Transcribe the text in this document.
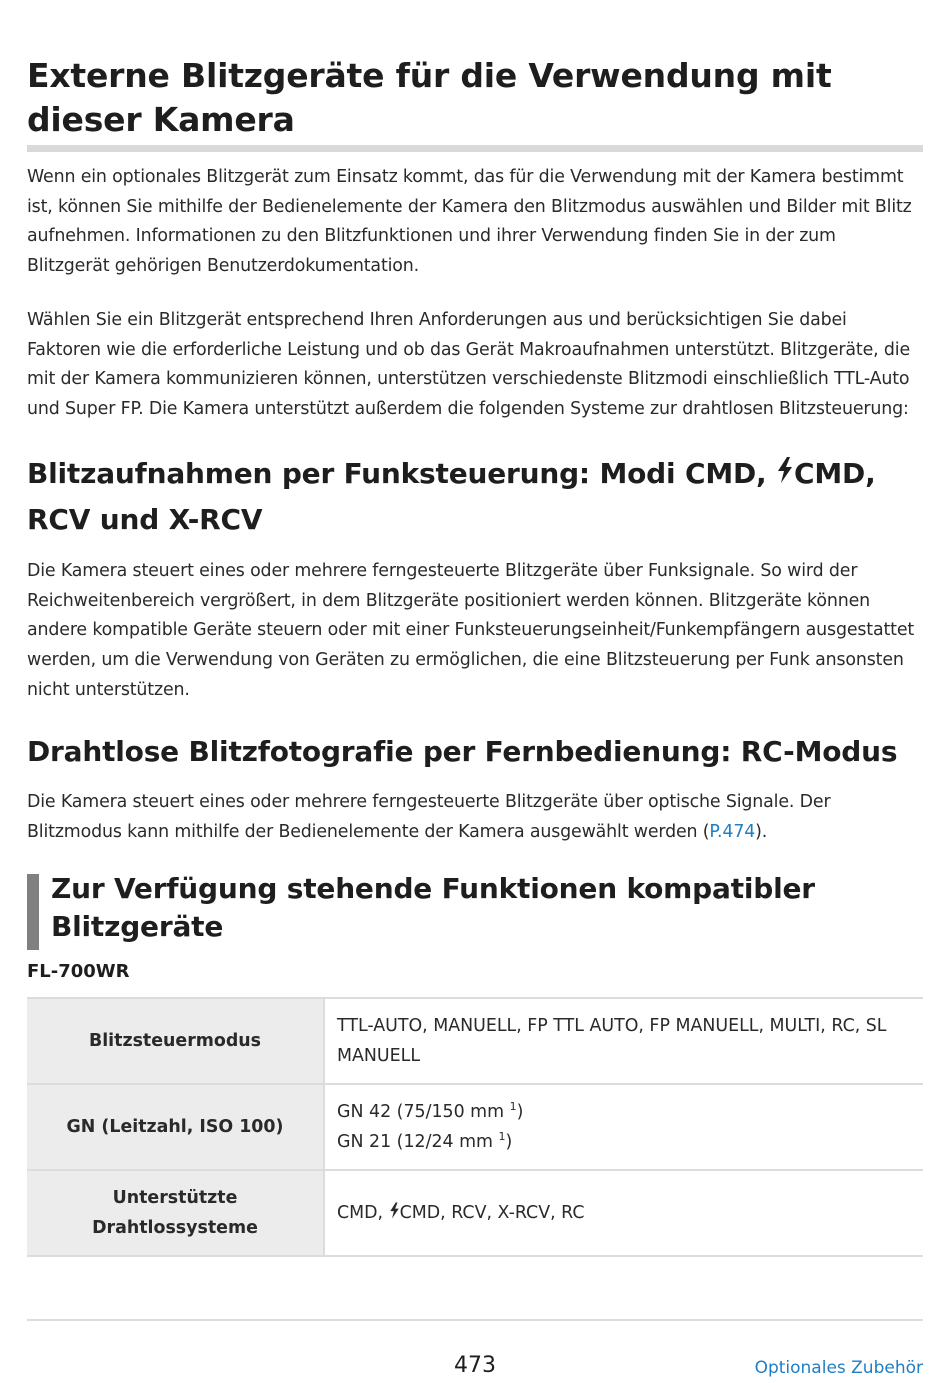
Externe Blitzgeräte für die Verwendung mit dieser Kamera

Wenn ein optionales Blitzgerät zum Einsatz kommt, das für die Verwendung mit der Kamera bestimmt ist, können Sie mithilfe der Bedienelemente der Kamera den Blitzmodus auswählen und Bilder mit Blitz aufnehmen. Informationen zu den Blitzfunktionen und ihrer Verwendung finden Sie in der zum Blitzgerät gehörigen Benutzerdokumentation.

Wählen Sie ein Blitzgerät entsprechend Ihren Anforderungen aus und berücksichtigen Sie dabei Faktoren wie die erforderliche Leistung und ob das Gerät Makroaufnahmen unterstützt. Blitzgeräte, die mit der Kamera kommunizieren können, unterstützen verschiedenste Blitzmodi einschließlich TTL-Auto und Super FP. Die Kamera unterstützt außerdem die folgenden Systeme zur drahtlosen Blitzsteuerung:

Blitzaufnahmen per Funksteuerung: Modi CMD, CMD, RCV und X-RCV

Die Kamera steuert eines oder mehrere ferngesteuerte Blitzgeräte über Funksignale. So wird der Reichweitenbereich vergrößert, in dem Blitzgeräte positioniert werden können. Blitzgeräte können andere kompatible Geräte steuern oder mit einer Funksteuerungseinheit/Funkempfängern ausgestattet werden, um die Verwendung von Geräten zu ermöglichen, die eine Blitzsteuerung per Funk ansonsten nicht unterstützen.

Drahtlose Blitzfotografie per Fernbedienung: RC-Modus

Die Kamera steuert eines oder mehrere ferngesteuerte Blitzgeräte über optische Signale. Der Blitzmodus kann mithilfe der Bedienelemente der Kamera ausgewählt werden (P.474).

Zur Verfügung stehende Funktionen kompatibler Blitzgeräte
FL-700WR
Blitzsteuermodus	TTL-AUTO, MANUELL, FP TTL AUTO, FP MANUELL, MULTI, RC, SL MANUELL
GN (Leitzahl, ISO 100)	GN 42 (75/150 mm $^1$)
GN 21 (12/24 mm $^1$)

Unterstützte
Drahtlossysteme	CMD, CMD, RCV, X-RCV, RC
473	Optionales Zubehör
